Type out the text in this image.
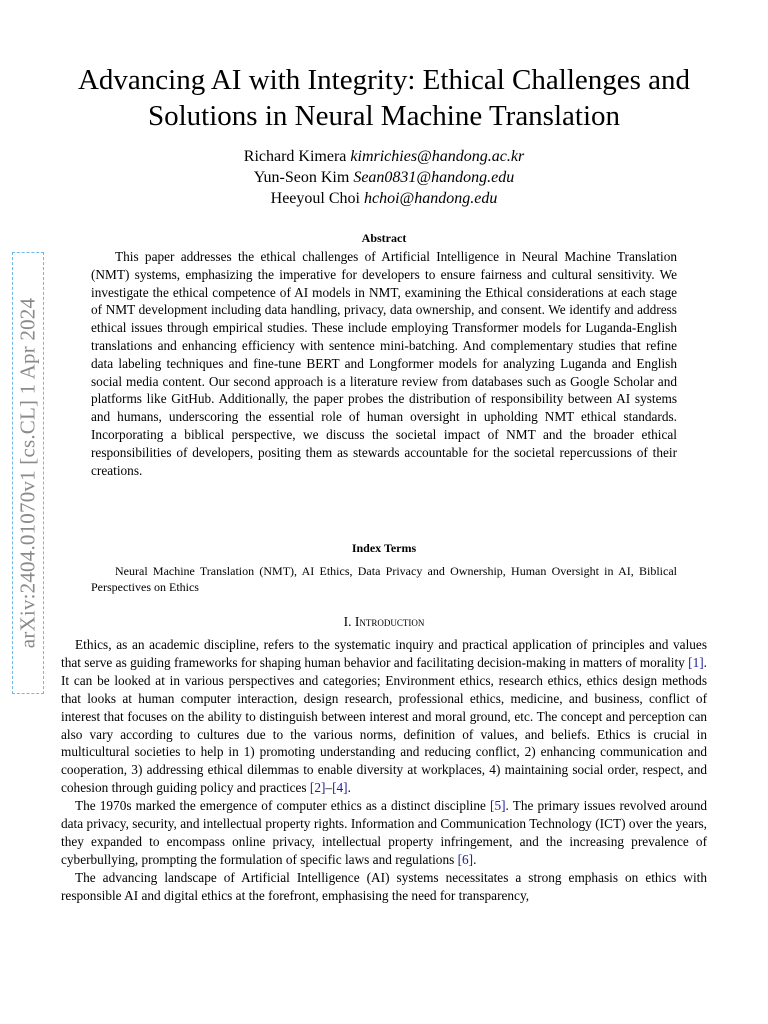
arXiv:2404.01070v1 [cs.CL] 1 Apr 2024
Advancing AI with Integrity: Ethical Challenges and Solutions in Neural Machine Translation
Richard Kimera kimrichies@handong.ac.kr
Yun-Seon Kim Sean0831@handong.edu
Heeyoul Choi hchoi@handong.edu
Abstract

This paper addresses the ethical challenges of Artificial Intelligence in Neural Machine Translation (NMT) systems, emphasizing the imperative for developers to ensure fairness and cultural sensitivity. We investigate the ethical competence of AI models in NMT, examining the Ethical considerations at each stage of NMT development including data handling, privacy, data ownership, and consent. We identify and address ethical issues through empirical studies. These include employing Transformer models for Luganda-English translations and enhancing efficiency with sentence mini-batching. And complementary studies that refine data labeling techniques and fine-tune BERT and Longformer models for analyzing Luganda and English social media content. Our second approach is a literature review from databases such as Google Scholar and platforms like GitHub. Additionally, the paper probes the distribution of responsibility between AI systems and humans, underscoring the essential role of human oversight in upholding NMT ethical standards. Incorporating a biblical perspective, we discuss the societal impact of NMT and the broader ethical responsibilities of developers, positing them as stewards accountable for the societal repercussions of their creations.

Index Terms

Neural Machine Translation (NMT), AI Ethics, Data Privacy and Ownership, Human Oversight in AI, Biblical Perspectives on Ethics

I. Introduction

Ethics, as an academic discipline, refers to the systematic inquiry and practical application of principles and values that serve as guiding frameworks for shaping human behavior and facilitating decision-making in matters of morality [1]. It can be looked at in various perspectives and categories; Environment ethics, research ethics, ethics design methods that looks at human computer interaction, design research, professional ethics, medicine, and business, conflict of interest that focuses on the ability to distinguish between interest and moral ground, etc. The concept and perception can also vary according to cultures due to the various norms, definition of values, and beliefs. Ethics is crucial in multicultural societies to help in 1) promoting understanding and reducing conflict, 2) enhancing communication and cooperation, 3) addressing ethical dilemmas to enable diversity at workplaces, 4) maintaining social order, respect, and cohesion through guiding policy and practices [2]–[4].

The 1970s marked the emergence of computer ethics as a distinct discipline [5]. The primary issues revolved around data privacy, security, and intellectual property rights. Information and Communication Technology (ICT) over the years, they expanded to encompass online privacy, intellectual property infringement, and the increasing prevalence of cyberbullying, prompting the formulation of specific laws and regulations [6].

The advancing landscape of Artificial Intelligence (AI) systems necessitates a strong emphasis on ethics with responsible AI and digital ethics at the forefront, emphasising the need for transparency,
